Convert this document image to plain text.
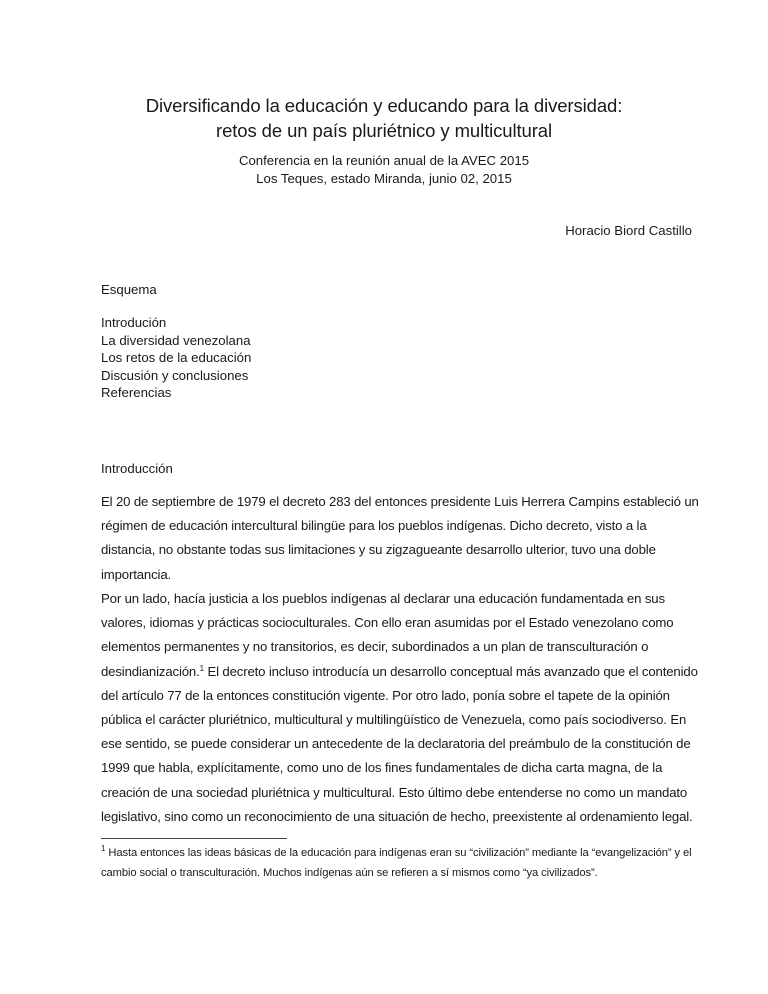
Diversificando la educación y educando para la diversidad:
retos de un país pluriétnico y multicultural
Conferencia en la reunión anual de la AVEC 2015
Los Teques, estado Miranda, junio 02, 2015
Horacio Biord Castillo
Esquema
Introdución
La diversidad venezolana
Los retos de la educación
Discusión y conclusiones
Referencias
Introducción
El 20 de septiembre de 1979 el decreto 283 del entonces presidente Luis Herrera Campins estableció un régimen de educación intercultural bilingüe para los pueblos indígenas. Dicho decreto, visto a la distancia, no obstante todas sus limitaciones y su zigzagueante desarrollo ulterior, tuvo una doble importancia.
Por un lado, hacía justicia a los pueblos indígenas al declarar una educación fundamentada en sus valores, idiomas y prácticas socioculturales. Con ello eran asumidas por el Estado venezolano como elementos permanentes y no transitorios, es decir, subordinados a un plan de transculturación o desindianización.$^1$ El decreto incluso introducía un desarrollo conceptual más avanzado que el contenido del artículo 77 de la entonces constitución vigente. Por otro lado, ponía sobre el tapete de la opinión pública el carácter pluriétnico, multicultural y multilingüístico de Venezuela, como país sociodiverso. En ese sentido, se puede considerar un antecedente de la declaratoria del preámbulo de la constitución de 1999 que habla, explícitamente, como uno de los fines fundamentales de dicha carta magna, de la creación de una sociedad pluriétnica y multicultural. Esto último debe entenderse no como un mandato legislativo, sino como un reconocimiento de una situación de hecho, preexistente al ordenamiento legal.
$^1$ Hasta entonces las ideas básicas de la educación para indígenas eran su “civilización” mediante la “evangelización” y el cambio social o transculturación. Muchos indígenas aún se refieren a sí mismos como “ya civilizados”.
